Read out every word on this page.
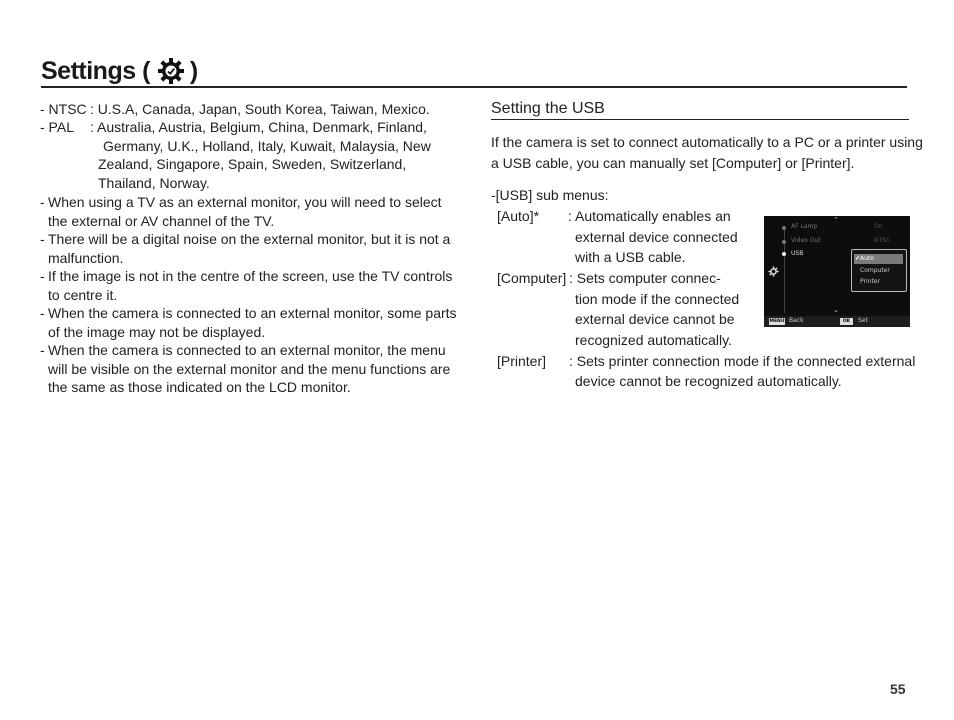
Settings ( )
- NTSC : U.S.A, Canada, Japan, South Korea, Taiwan, Mexico.
- PAL : Australia, Austria, Belgium, China, Denmark, Finland,
Germany, U.K., Holland, Italy, Kuwait, Malaysia, New
Zealand, Singapore, Spain, Sweden, Switzerland,
Thailand, Norway.
- When using a TV as an external monitor, you will need to select
the external or AV channel of the TV.
- There will be a digital noise on the external monitor, but it is not a
malfunction.
- If the image is not in the centre of the screen, use the TV controls
to centre it.
- When the camera is connected to an external monitor, some parts
of the image may not be displayed.
- When the camera is connected to an external monitor, the menu
will be visible on the external monitor and the menu functions are
the same as those indicated on the LCD monitor.
Setting the USB
If the camera is set to connect automatically to a PC or a printer using
a USB cable, you can manually set [Computer] or [Printer].
-[USB] sub menus:
[Auto]* : Automatically enables an
external device connected
with a USB cable.
[Computer] : Sets computer connec-
tion mode if the connected
external device cannot be
recognized automatically.
[Printer] : Sets printer connection mode if the connected external
device cannot be recognized automatically.
⌃
AF Lamp	On
Video Out	NTSC
USB
✔ Auto
Computer
Printer
⌄
MENU Back	OK	Set
55
